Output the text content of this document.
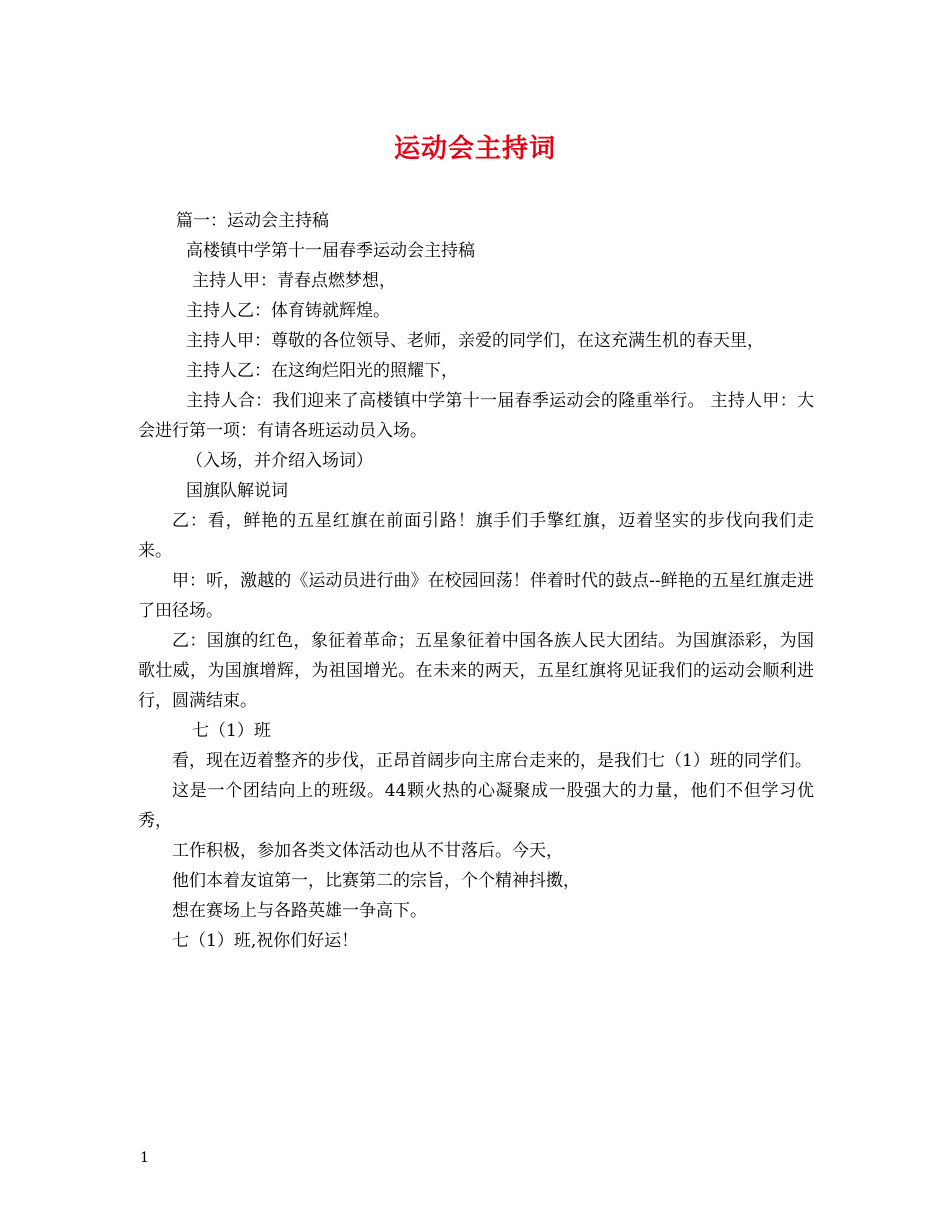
运动会主持词

篇一：运动会主持稿

高楼镇中学第十一届春季运动会主持稿

主持人甲：青春点燃梦想，

主持人乙：体育铸就辉煌。

主持人甲：尊敬的各位领导、老师，亲爱的同学们，在这充满生机的春天里，

主持人乙：在这绚烂阳光的照耀下，

主持人合：我们迎来了高楼镇中学第十一届春季运动会的隆重举行。 主持人甲：大会进行第一项：有请各班运动员入场。

（入场，并介绍入场词）

国旗队解说词

乙：看，鲜艳的五星红旗在前面引路！旗手们手擎红旗，迈着坚实的步伐向我们走来。

甲：听，激越的《运动员进行曲》在校园回荡！伴着时代的鼓点--鲜艳的五星红旗走进了田径场。

乙：国旗的红色，象征着革命；五星象征着中国各族人民大团结。为国旗添彩，为国歌壮威，为国旗增辉，为祖国增光。在未来的两天，五星红旗将见证我们的运动会顺利进行，圆满结束。

七（1）班

看，现在迈着整齐的步伐，正昂首阔步向主席台走来的，是我们七（1）班的同学们。

这是一个团结向上的班级。44颗火热的心凝聚成一股强大的力量，他们不但学习优秀，

工作积极，参加各类文体活动也从不甘落后。今天，

他们本着友谊第一，比赛第二的宗旨，个个精神抖擞，

想在赛场上与各路英雄一争高下。

七（1）班,祝你们好运！

1
